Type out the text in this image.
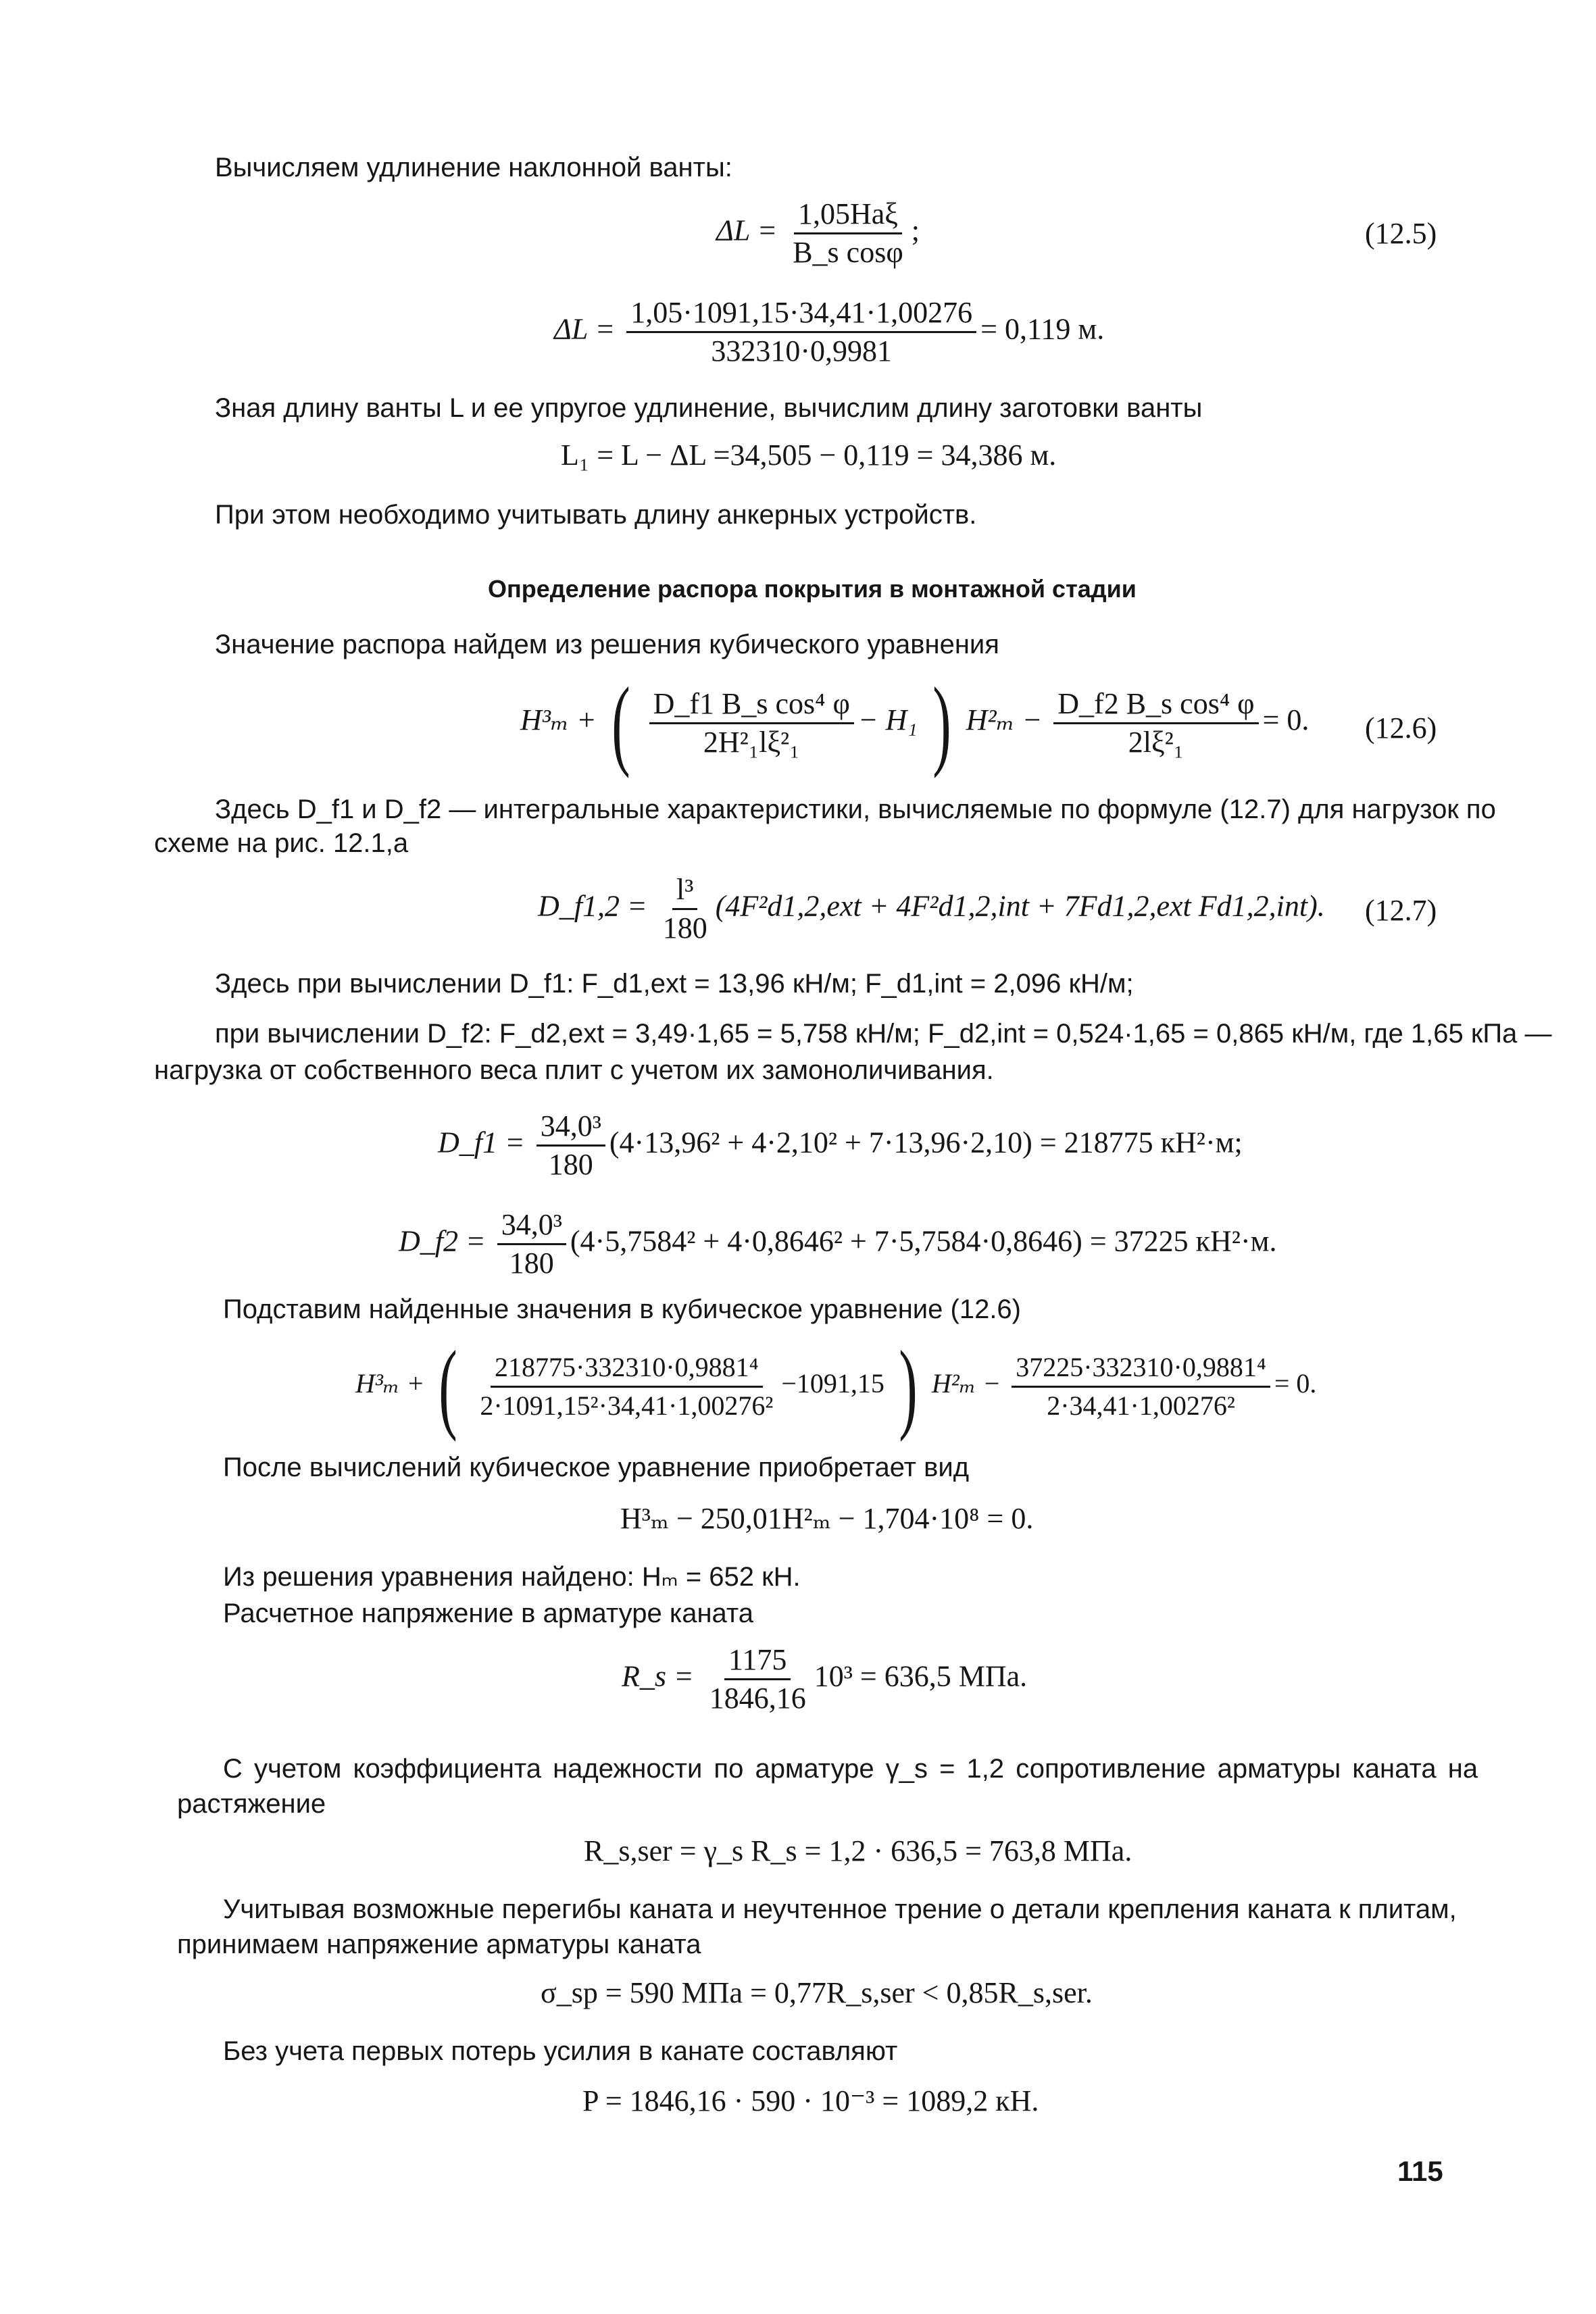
Вычисляем удлинение наклонной ванты:
$\Delta L = \frac{\text{1,05Haξ}}{\text{B\_s cosφ}}$ ;	(12.5)
$\Delta L = \frac{1,05\cdot 1091,15\cdot 34,41\cdot 1,00276}{332310\cdot 0,9981} = 0,119$ м.
Зная длину ванты L и ее упругое удлинение, вычислим длину заготовки ванты
L₁ = L − ΔL =34,505 − 0,119 = 34,386 м.
При этом необходимо учитывать длину анкерных устройств.
Определение распора покрытия в монтажной стадии
Значение распора найдем из решения кубического уравнения
H³ₘ + ( $\frac{\text{D\_f1 B\_s cos⁴ φ}}{\text{2H²₁lξ²₁}} - H_1$ ) $H^2_m - \frac{\text{D\_f2 B\_s cos⁴ φ}}{\text{2lξ²₁}} = 0$. (12.6)
Здесь D_f1 и D_f2 — интегральные характеристики, вычисляемые по формуле (12.7) для нагрузок по
схеме на рис. 12.1,а
D_f1,2 = $\frac{\text{l³}}{180} (4F^2d1,2,ext + 4F^2d1,2,int + 7Fd1,2,ext$ Fd1,2,int). (12.7)
Здесь при вычислении D_f1: F_d1,ext = 13,96 кН/м; F_d1,int = 2,096 кН/м;
при вычислении D_f2: F_d2,ext = 3,49·1,65 = 5,758 кН/м; F_d2,int = 0,524·1,65 = 0,865 кН/м, где 1,65 кПа —
нагрузка от собственного веса плит с учетом их замоноличивания.
D_f1 = $\frac{\text{34,0³}}{180} (4\cdot 13,96^2 + 4\cdot 2,10^2 + 7\cdot 13,96\cdot 2,10) = 218775$ кН²·м;
D_f2 = $\frac{\text{34,0³}}{180} (4\cdot 5,7584^2 + 4\cdot 0,8646^2 + 7\cdot 5,7584\cdot 0,8646) = 37225$ кН²·м.
Подставим найденные значения в кубическое уравнение (12.6)
H³ₘ + ( $\frac{\text{218775·332310·0,9881⁴}}{\text{2·1091,15²·34,41·1,00276²}} -1091,15$ ) $H^2_m - \frac{\text{37225·332310·0,9881⁴}}{\text{2·34,41·1,00276²}} = 0$.
После вычислений кубическое уравнение приобретает вид
H³ₘ − 250,01H²ₘ − 1,704·10⁸ = 0.
Из решения уравнения найдено: Hₘ = 652 кН.
Расчетное напряжение в арматуре каната
R_s = $\frac{1175}{1846,16} 10^3 = 636,5$ МПа.
С учетом коэффициента надежности по арматуре γ_s = 1,2 сопротивление арматуры каната на
растяжение
R_s,ser = γ_s R_s = 1,2 · 636,5 = 763,8 МПа.
Учитывая возможные перегибы каната и неучтенное трение о детали крепления каната к плитам,
принимаем напряжение арматуры каната
σ_sp = 590 МПа = 0,77R_s,ser < 0,85R_s,ser.
Без учета первых потерь усилия в канате составляют
P = 1846,16 · 590 · 10⁻³ = 1089,2 кН.
115
